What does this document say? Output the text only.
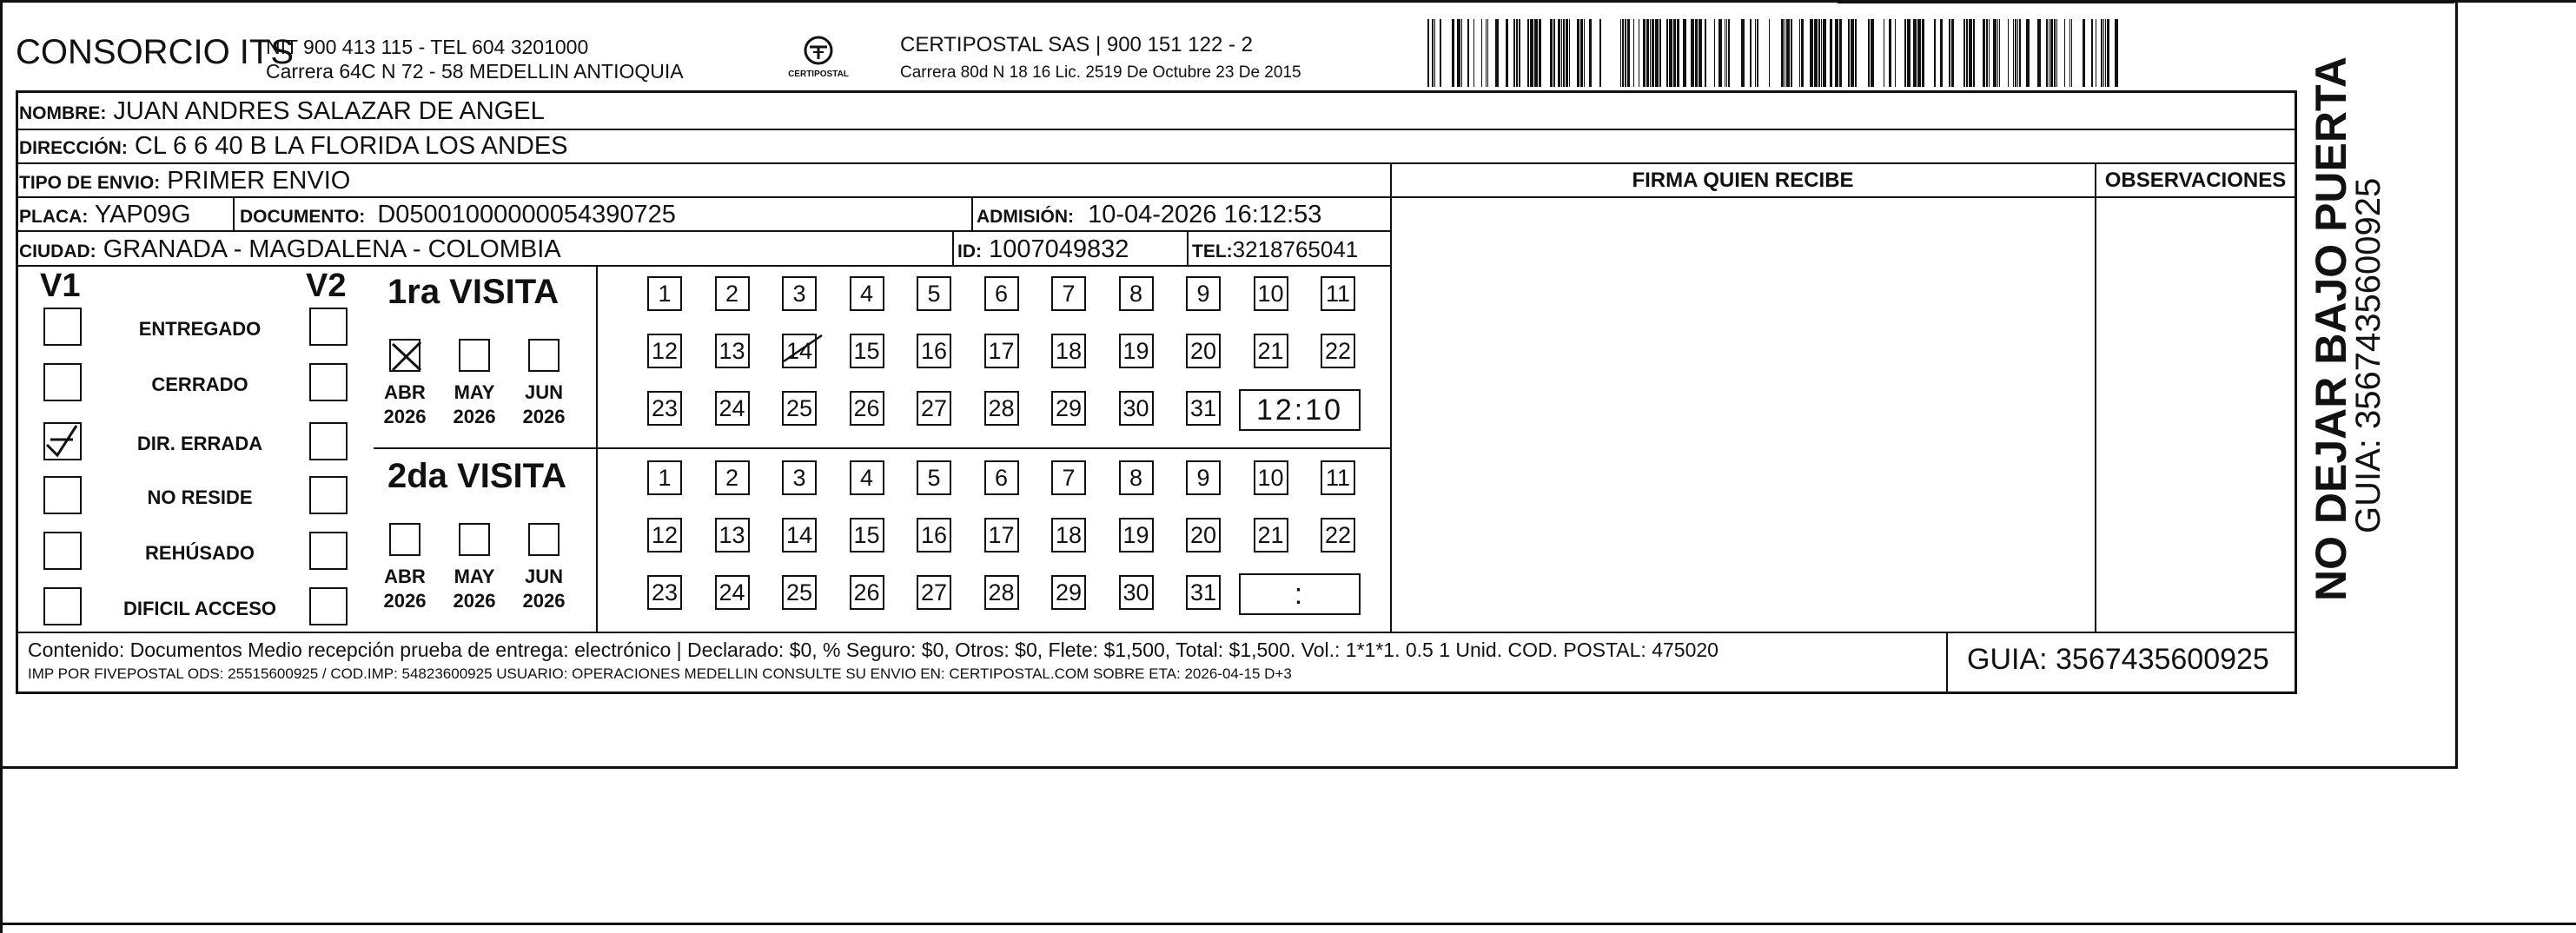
CONSORCIO ITS
NIT 900 413 115 - TEL 604 3201000
Carrera 64C N 72 - 58 MEDELLIN ANTIOQUIA	CERTIPOSTAL
CERTIPOSTAL SAS | 900 151 122 - 2
Carrera 80d N 18 16 Lic. 2519 De Octubre 23 De 2015
NOMBRE: JUAN ANDRES SALAZAR DE ANGEL
DIRECCIÓN: CL 6 6 40 B LA FLORIDA LOS ANDES
TIPO DE ENVIO: PRIMER ENVIO
PLACA: YAP09G	DOCUMENTO: D05001000000054390725	ADMISIÓN: 10-04-2026 16:12:53
CIUDAD: GRANADA - MAGDALENA - COLOMBIA	ID: 1007049832	TEL:3218765041
FIRMA QUIEN RECIBE	OBSERVACIONES
V1	V2
ENTREGADO
CERRADO
DIR. ERRADA
NO RESIDE
REHÚSADO
DIFICIL ACCESO
1ra VISITA
2da VISITA
ABR
2026
MAY
2026
JUN
2026
1	2	3	4	5	6	7	8	9	10 11
12 13 14 15 16 17 18 19 20 21 22
23 24 25 26 27 28 29 30 31	12:10
ABR
2026
MAY
2026
JUN
2026
1	2	3	4	5	6	7	8	9	10 11
12 13 14 15 16 17 18 19 20 21 22
23 24 25 26 27 28 29 30 31	:
Contenido: Documentos Medio recepción prueba de entrega: electrónico | Declarado: $0, % Seguro: $0, Otros: $0, Flete: $1,500, Total: $1,500. Vol.: 1*1*1. 0.5 1 Unid. COD. POSTAL: 475020
IMP POR FIVEPOSTAL ODS: 25515600925 / COD.IMP: 54823600925 USUARIO: OPERACIONES MEDELLIN CONSULTE SU ENVIO EN: CERTIPOSTAL.COM SOBRE ETA: 2026-04-15 D+3	GUIA: 3567435600925
NO DEJAR BAJO PUERTA
GUIA: 3567435600925
